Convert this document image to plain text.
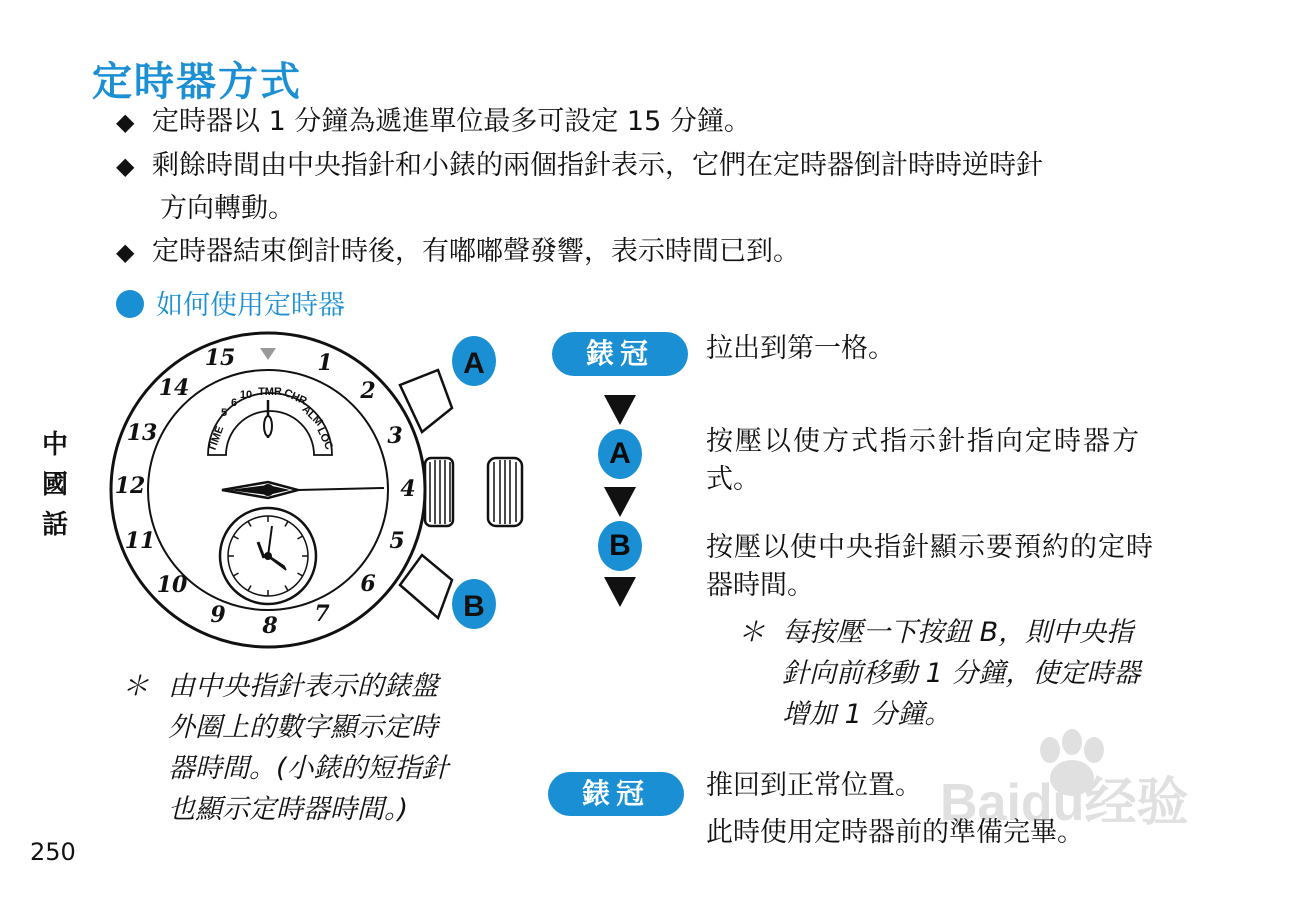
定時器方式
◆ 定時器以 1 分鐘為遞進單位最多可設定 15 分鐘。
◆ 剩餘時間由中央指針和小錶的兩個指針表示，它們在定時器倒計時時逆時針
方向轉動。
◆ 定時器結束倒計時後，有嘟嘟聲發響，表示時間已到。
如何使用定時器
中
國
話
15	1
2
3
4
5
6
7
8
9
10
11
12
13
14
TIME
5
6
10 TMR CHR
ALM
LOC
A
B
錶冠
A
B
錶冠
拉出到第一格。
按壓以使方式指示針指向定時器方
式。
按壓以使中央指針顯示要預約的定時
器時間。
推回到正常位置。
此時使用定時器前的準備完畢。
＊ 每按壓一下按鈕 B，則中央指
針向前移動 1 分鐘，使定時器
增加 1 分鐘。
＊ 由中央指針表示的錶盤
外圈上的數字顯示定時
器時間。(小錶的短指針
也顯示定時器時間。)
250
Baidu经验
